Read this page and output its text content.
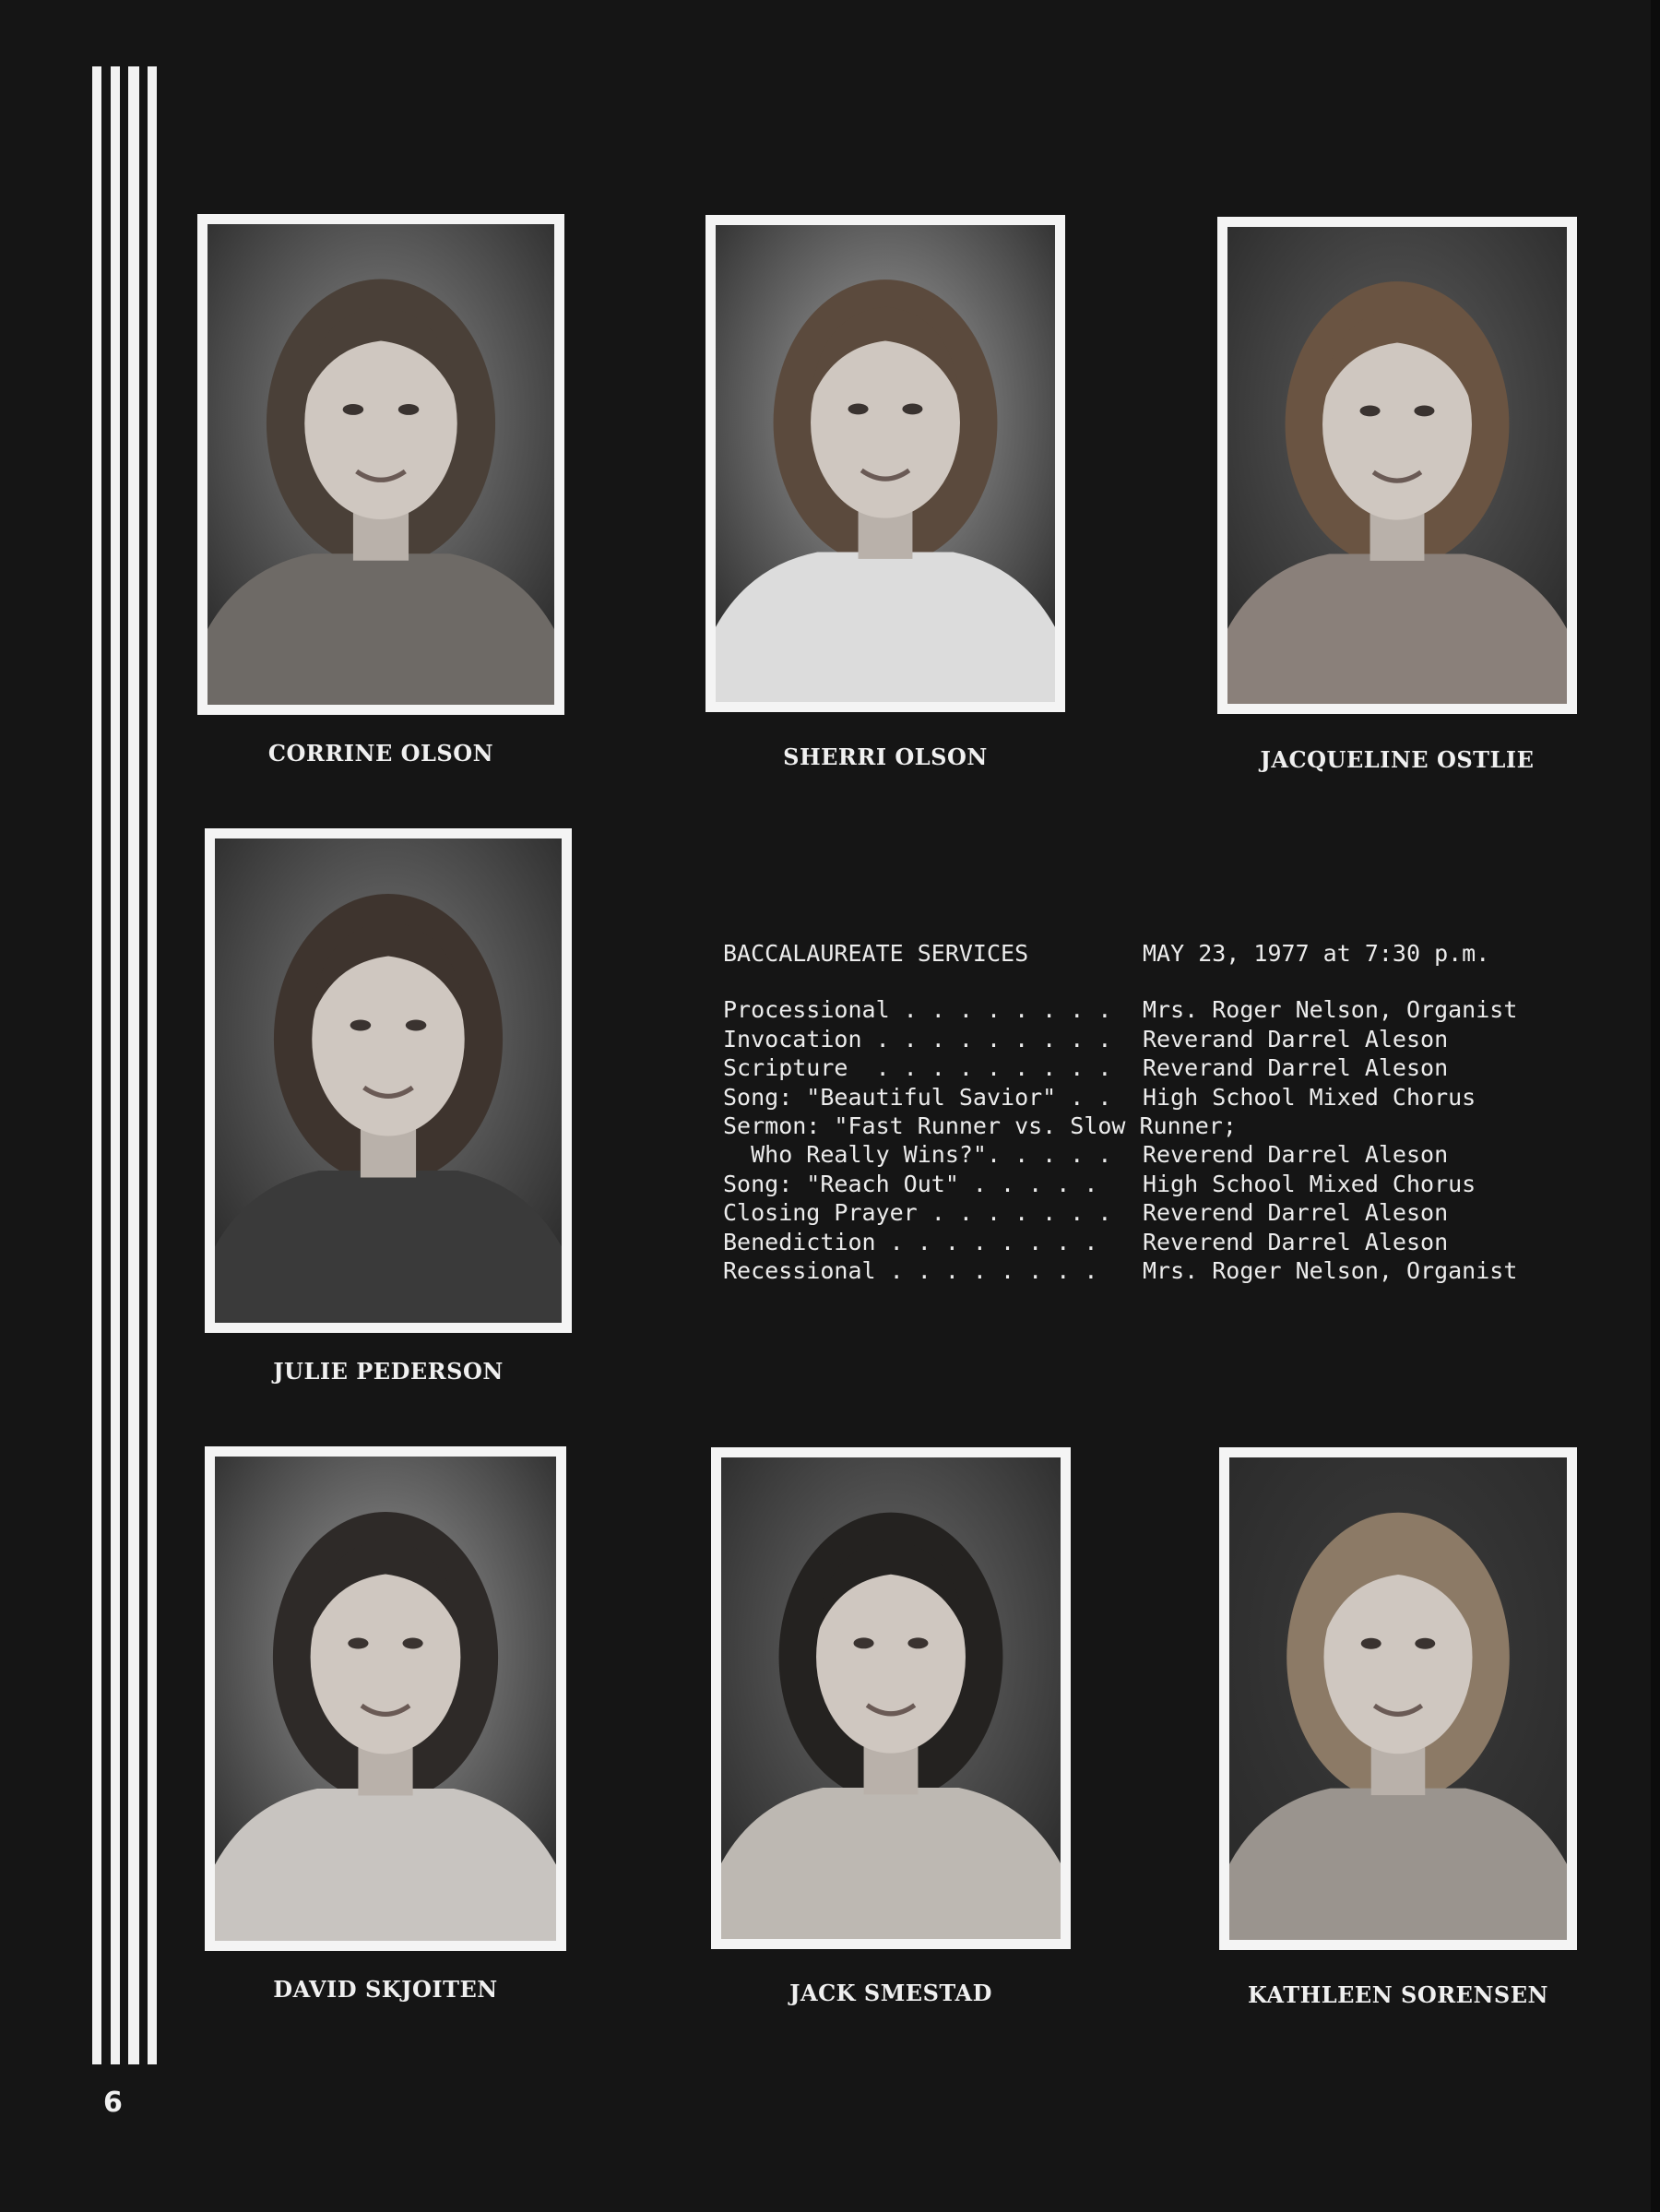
CORRINE OLSON	SHERRI OLSON	JACQUELINE OSTLIE
JULIE PEDERSON
DAVID SKJOITEN	JACK SMESTAD	KATHLEEN SORENSEN
BACCALAUREATE SERVICES	MAY 23, 1977 at 7:30 p.m.
Processional . . . . . . . .	Mrs. Roger Nelson, Organist
Invocation . . . . . . . . .	Reverand Darrel Aleson
Scripture  . . . . . . . . .	Reverand Darrel Aleson
Song: "Beautiful Savior" . .	High School Mixed Chorus
Sermon: "Fast Runner vs. Slow Runner;
Who Really Wins?". . . . .	Reverend Darrel Aleson
Song: "Reach Out" . . . . .	High School Mixed Chorus
Closing Prayer . . . . . . .	Reverend Darrel Aleson
Benediction . . . . . . . .	Reverend Darrel Aleson
Recessional . . . . . . . .	Mrs. Roger Nelson, Organist
6
